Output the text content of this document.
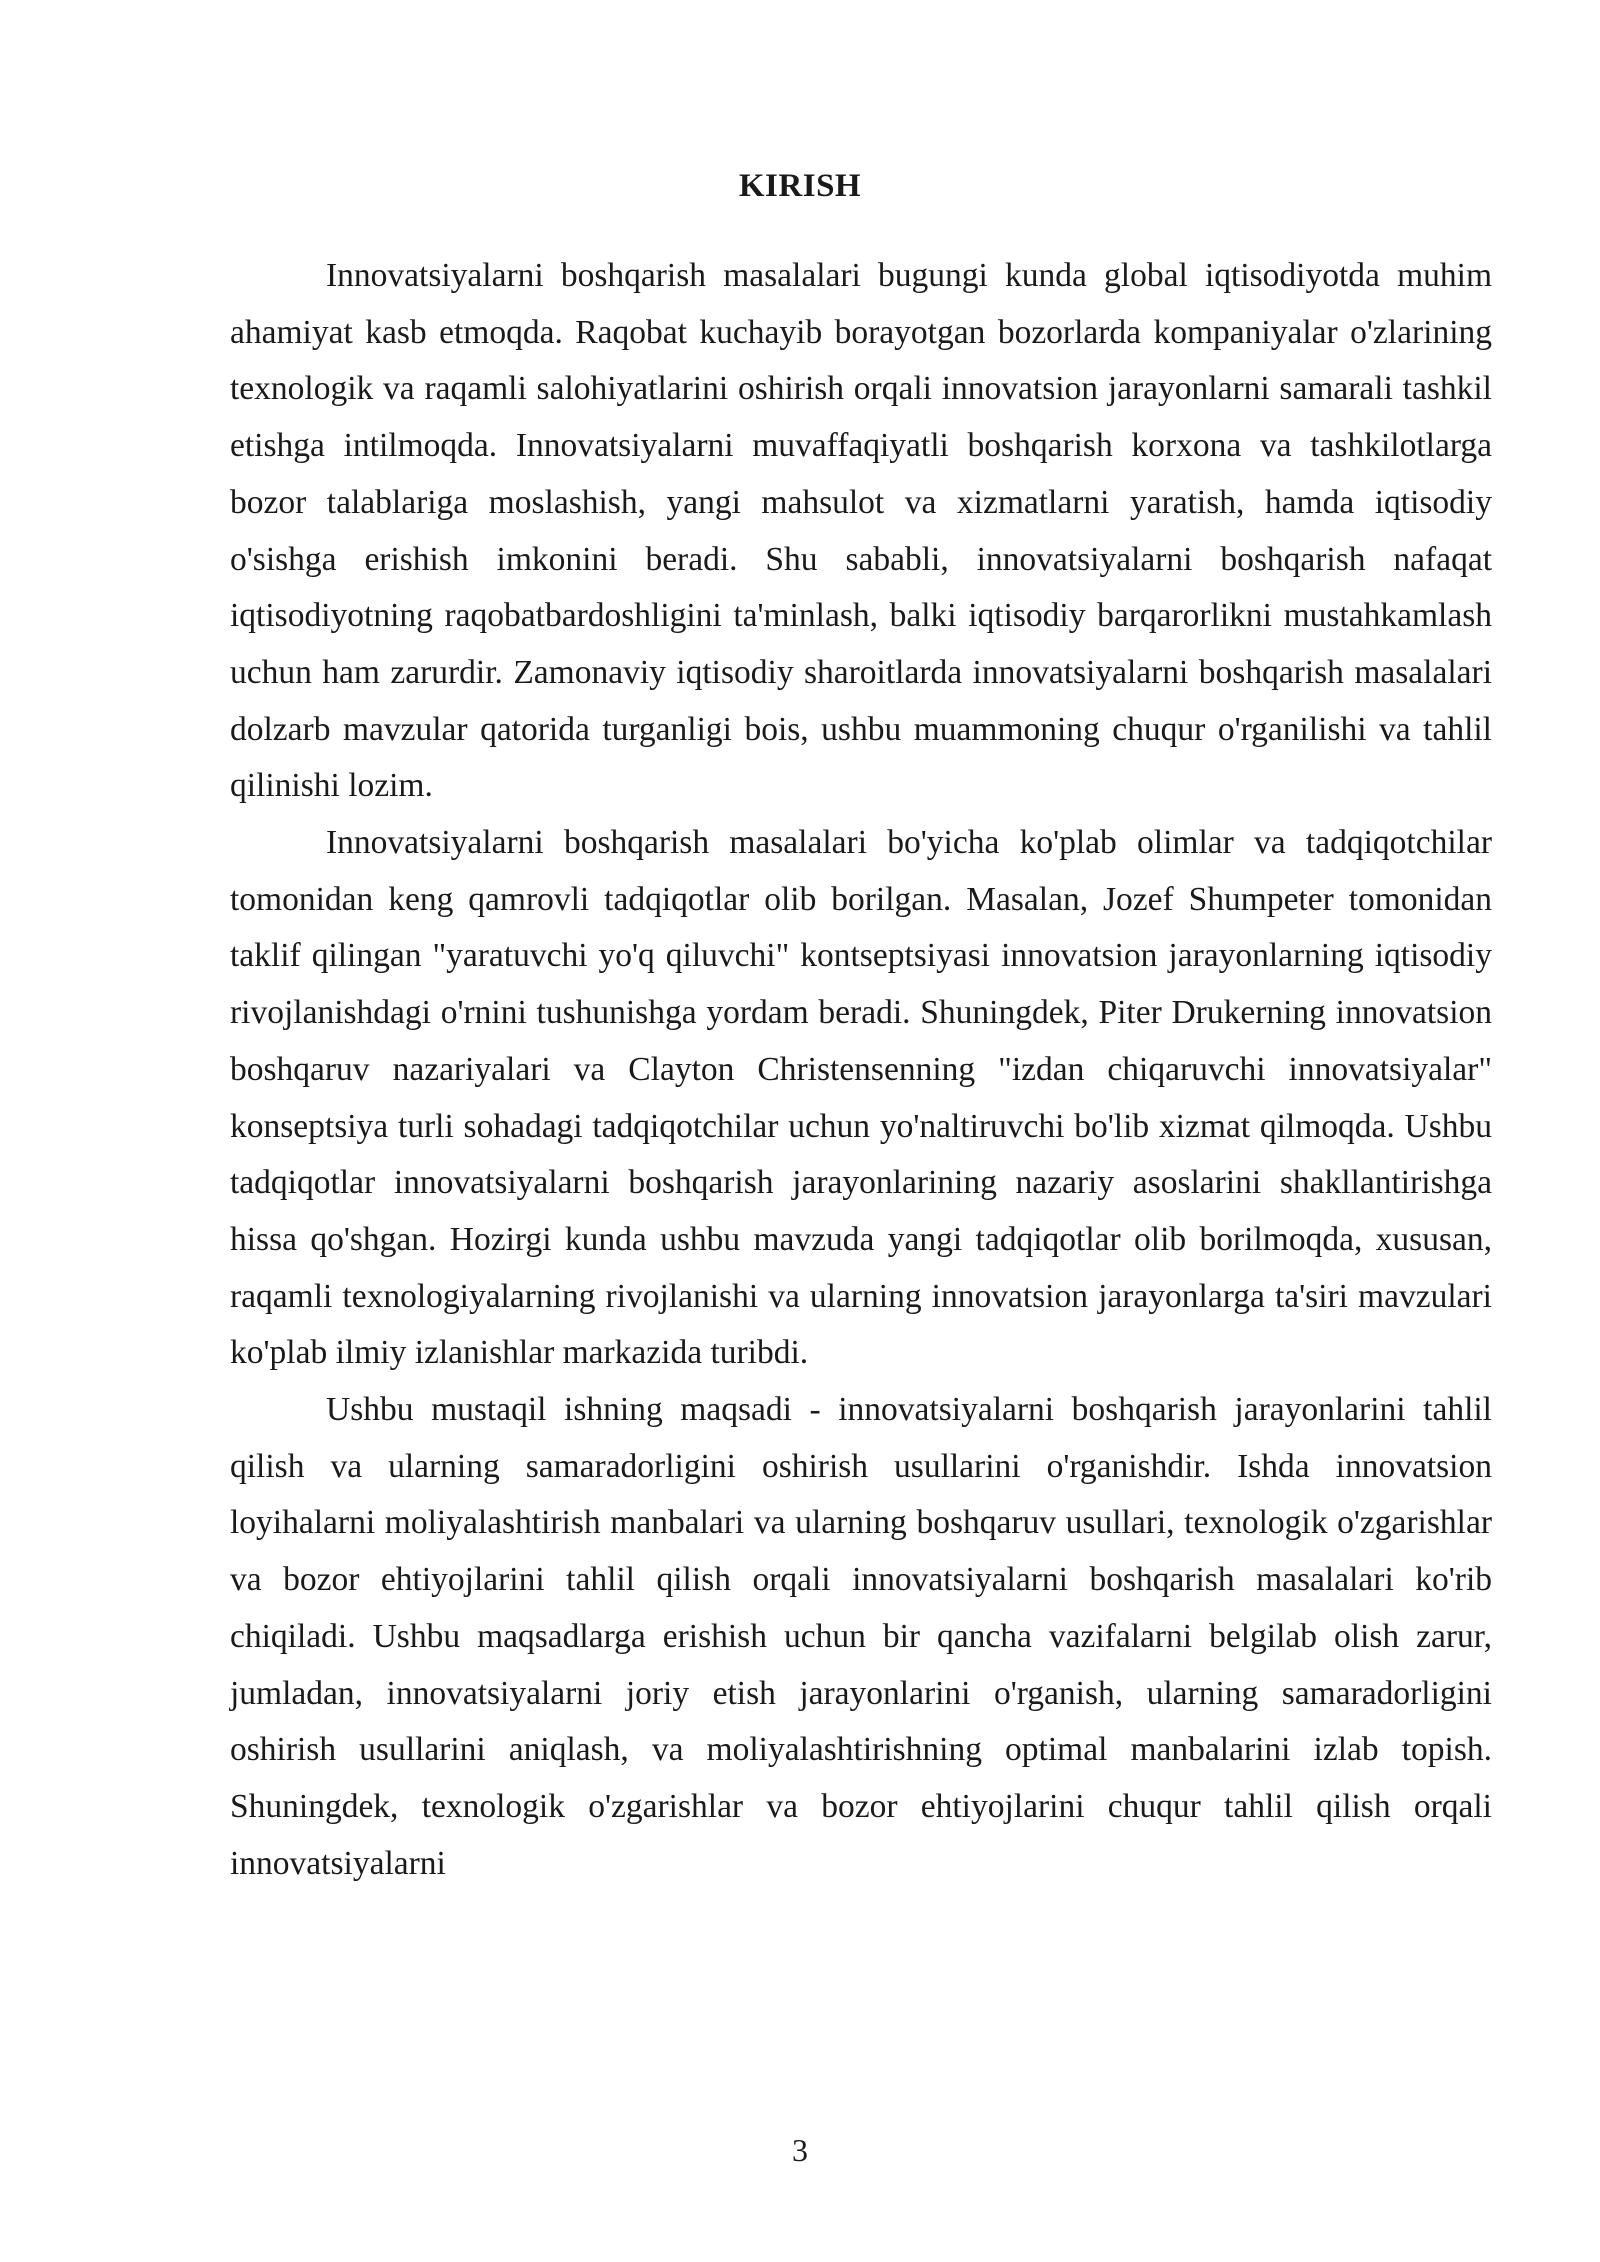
KIRISH

Innovatsiyalarni boshqarish masalalari bugungi kunda global iqtisodiyotda muhim ahamiyat kasb etmoqda. Raqobat kuchayib borayotgan bozorlarda kompaniyalar o'zlarining texnologik va raqamli salohiyatlarini oshirish orqali innovatsion jarayonlarni samarali tashkil etishga intilmoqda. Innovatsiyalarni muvaffaqiyatli boshqarish korxona va tashkilotlarga bozor talablariga moslashish, yangi mahsulot va xizmatlarni yaratish, hamda iqtisodiy o'sishga erishish imkonini beradi. Shu sababli, innovatsiyalarni boshqarish nafaqat iqtisodiyotning raqobatbardoshligini ta'minlash, balki iqtisodiy barqarorlikni mustahkamlash uchun ham zarurdir. Zamonaviy iqtisodiy sharoitlarda innovatsiyalarni boshqarish masalalari dolzarb mavzular qatorida turganligi bois, ushbu muammoning chuqur o'rganilishi va tahlil qilinishi lozim.

Innovatsiyalarni boshqarish masalalari bo'yicha ko'plab olimlar va tadqiqotchilar tomonidan keng qamrovli tadqiqotlar olib borilgan. Masalan, Jozef Shumpeter tomonidan taklif qilingan "yaratuvchi yo'q qiluvchi" kontseptsiyasi innovatsion jarayonlarning iqtisodiy rivojlanishdagi o'rnini tushunishga yordam beradi. Shuningdek, Piter Drukerning innovatsion boshqaruv nazariyalari va Clayton Christensenning "izdan chiqaruvchi innovatsiyalar" konseptsiya turli sohadagi tadqiqotchilar uchun yo'naltiruvchi bo'lib xizmat qilmoqda. Ushbu tadqiqotlar innovatsiyalarni boshqarish jarayonlarining nazariy asoslarini shakllantirishga hissa qo'shgan. Hozirgi kunda ushbu mavzuda yangi tadqiqotlar olib borilmoqda, xususan, raqamli texnologiyalarning rivojlanishi va ularning innovatsion jarayonlarga ta'siri mavzulari ko'plab ilmiy izlanishlar markazida turibdi.

Ushbu mustaqil ishning maqsadi - innovatsiyalarni boshqarish jarayonlarini tahlil qilish va ularning samaradorligini oshirish usullarini o'rganishdir. Ishda innovatsion loyihalarni moliyalashtirish manbalari va ularning boshqaruv usullari, texnologik o'zgarishlar va bozor ehtiyojlarini tahlil qilish orqali innovatsiyalarni boshqarish masalalari ko'rib chiqiladi. Ushbu maqsadlarga erishish uchun bir qancha vazifalarni belgilab olish zarur, jumladan, innovatsiyalarni joriy etish jarayonlarini o'rganish, ularning samaradorligini oshirish usullarini aniqlash, va moliyalashtirishning optimal manbalarini izlab topish. Shuningdek, texnologik o'zgarishlar va bozor ehtiyojlarini chuqur tahlil qilish orqali innovatsiyalarni

3
